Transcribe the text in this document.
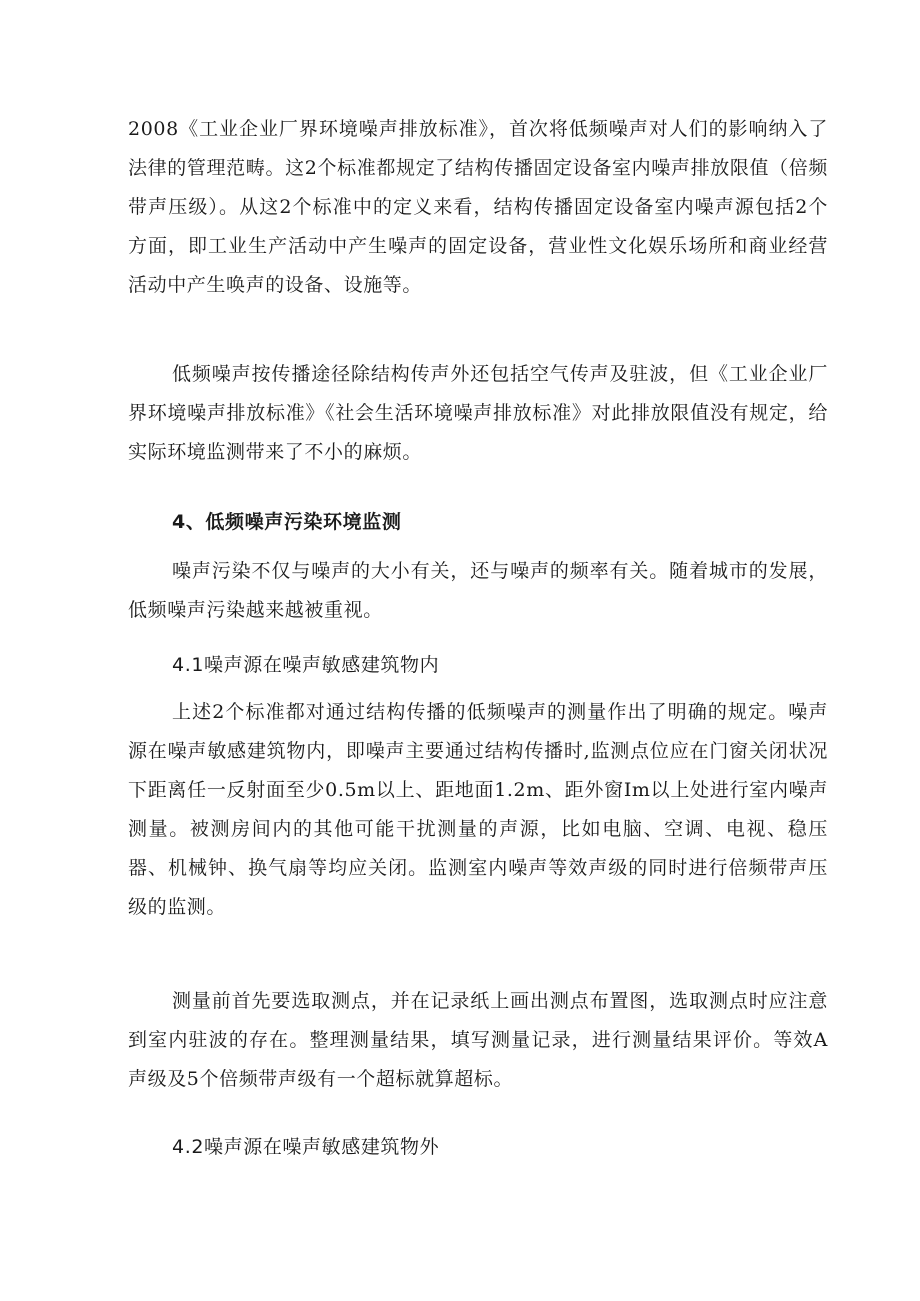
2008《工业企业厂界环境噪声排放标准》，首次将低频噪声对人们的影响纳入了法律的管理范畴。这2个标准都规定了结构传播固定设备室内噪声排放限值（倍频带声压级）。从这2个标准中的定义来看，结构传播固定设备室内噪声源包括2个方面，即工业生产活动中产生噪声的固定设备，营业性文化娱乐场所和商业经营活动中产生唤声的设备、设施等。

低频噪声按传播途径除结构传声外还包括空气传声及驻波，但《工业企业厂界环境噪声排放标准》《社会生活环境噪声排放标准》对此排放限值没有规定，给实际环境监测带来了不小的麻烦。

4、低频噪声污染环境监测

噪声污染不仅与噪声的大小有关，还与噪声的频率有关。随着城市的发展，低频噪声污染越来越被重视。

4.1噪声源在噪声敏感建筑物内

上述2个标准都对通过结构传播的低频噪声的测量作出了明确的规定。噪声源在噪声敏感建筑物内，即噪声主要通过结构传播时,监测点位应在门窗关闭状况下距离任一反射面至少0.5m以上、距地面1.2m、距外窗Im以上处进行室内噪声测量。被测房间内的其他可能干扰测量的声源，比如电脑、空调、电视、稳压器、机械钟、换气扇等均应关闭。监测室内噪声等效声级的同时进行倍频带声压级的监测。

测量前首先要选取测点，并在记录纸上画出测点布置图，选取测点时应注意到室内驻波的存在。整理测量结果，填写测量记录，进行测量结果评价。等效A声级及5个倍频带声级有一个超标就算超标。

4.2噪声源在噪声敏感建筑物外
